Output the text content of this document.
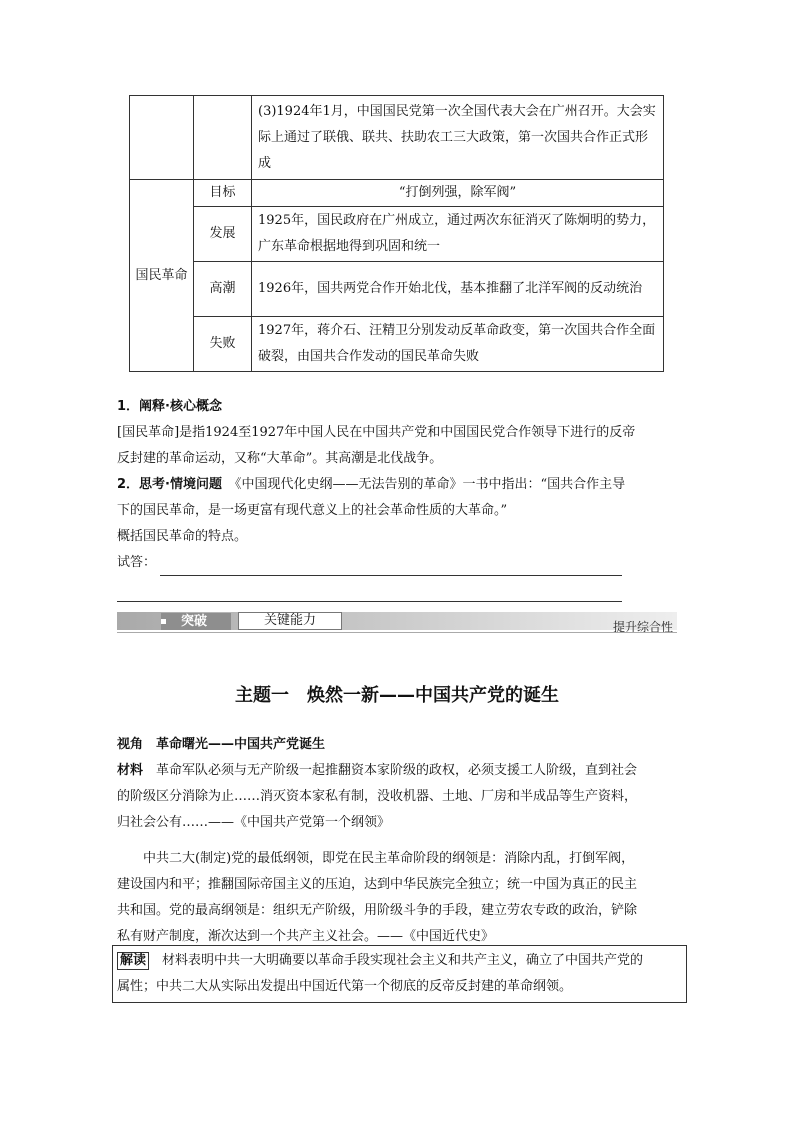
		(3)1924年1月，中国国民党第一次全国代表大会在广州召开。大会实际上通过了联俄、联共、扶助农工三大政策，第一次国共合作正式形成
国民革命	目标	“打倒列强，除军阀”
	发展	1925年，国民政府在广州成立，通过两次东征消灭了陈炯明的势力，广东革命根据地得到巩固和统一
	高潮	1926年，国共两党合作开始北伐，基本推翻了北洋军阀的反动统治
	失败	1927年，蒋介石、汪精卫分别发动反革命政变，第一次国共合作全面破裂，由国共合作发动的国民革命失败
1．阐释·核心概念
[国民革命]是指1924至1927年中国人民在中国共产党和中国国民党合作领导下进行的反帝
反封建的革命运动，又称“大革命”。其高潮是北伐战争。
2．思考·情境问题　 《中国现代化史纲——无法告别的革命》一书中指出：“国共合作主导
下的国民革命，是一场更富有现代意义上的社会革命性质的大革命。”
概括国民革命的特点。
试答：
突破	关键能力	提升综合性
主题一　焕然一新——中国共产党的诞生
视角　 革命曙光——中国共产党诞生
材料　 革命军队必须与无产阶级一起推翻资本家阶级的政权，必须支援工人阶级，直到社会
的阶级区分消除为止……消灭资本家私有制，没收机器、土地、厂房和半成品等生产资料，
归社会公有……——《中国共产党第一个纲领》
中共二大(制定)党的最低纲领，即党在民主革命阶段的纲领是：消除内乱，打倒军阀，
建设国内和平；推翻国际帝国主义的压迫，达到中华民族完全独立；统一中国为真正的民主
共和国。党的最高纲领是：组织无产阶级，用阶级斗争的手段，建立劳农专政的政治，铲除
私有财产制度，渐次达到一个共产主义社会。——《中国近代史》
解读　 材料表明中共一大明确要以革命手段实现社会主义和共产主义，确立了中国共产党的
属性；中共二大从实际出发提出中国近代第一个彻底的反帝反封建的革命纲领。
